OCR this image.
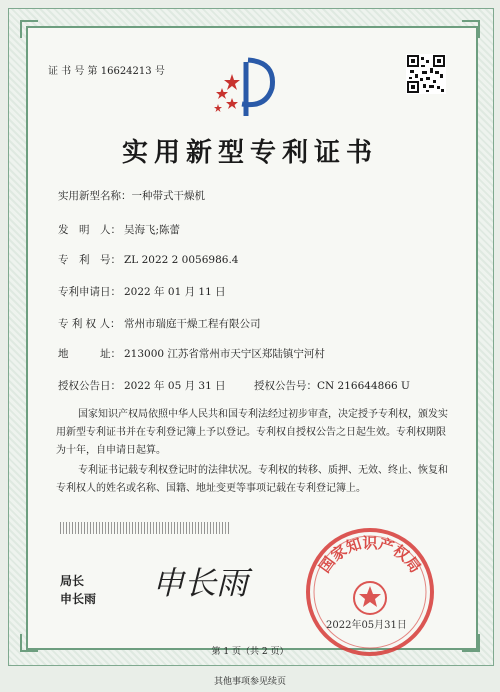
证 书 号 第 16624213 号
实用新型专利证书
实用新型名称：一种带式干燥机
发　明　人： 吴海飞;陈蕾
专　利　号： ZL 2022 2 0056986.4
专利申请日： 2022 年 01 月 11 日
专 利 权 人： 常州市瑞庭干燥工程有限公司
地　　　址： 213000 江苏省常州市天宁区郑陆镇宁河村
授权公告日： 2022 年 05 月 31 日	授权公告号：CN 216644866 U
国家知识产权局依照中华人民共和国专利法经过初步审查，决定授予专利权，颁发实用新型专利证书并在专利登记簿上予以登记。专利权自授权公告之日起生效。专利权期限为十年，自申请日起算。
专利证书记载专利权登记时的法律状况。专利权的转移、质押、无效、终止、恢复和专利权人的姓名或名称、国籍、地址变更等事项记载在专利登记簿上。
局长
申长雨 申长雨	国家知识产权局
2022年05月31日
第 1 页（共 2 页）
其他事项参见续页
